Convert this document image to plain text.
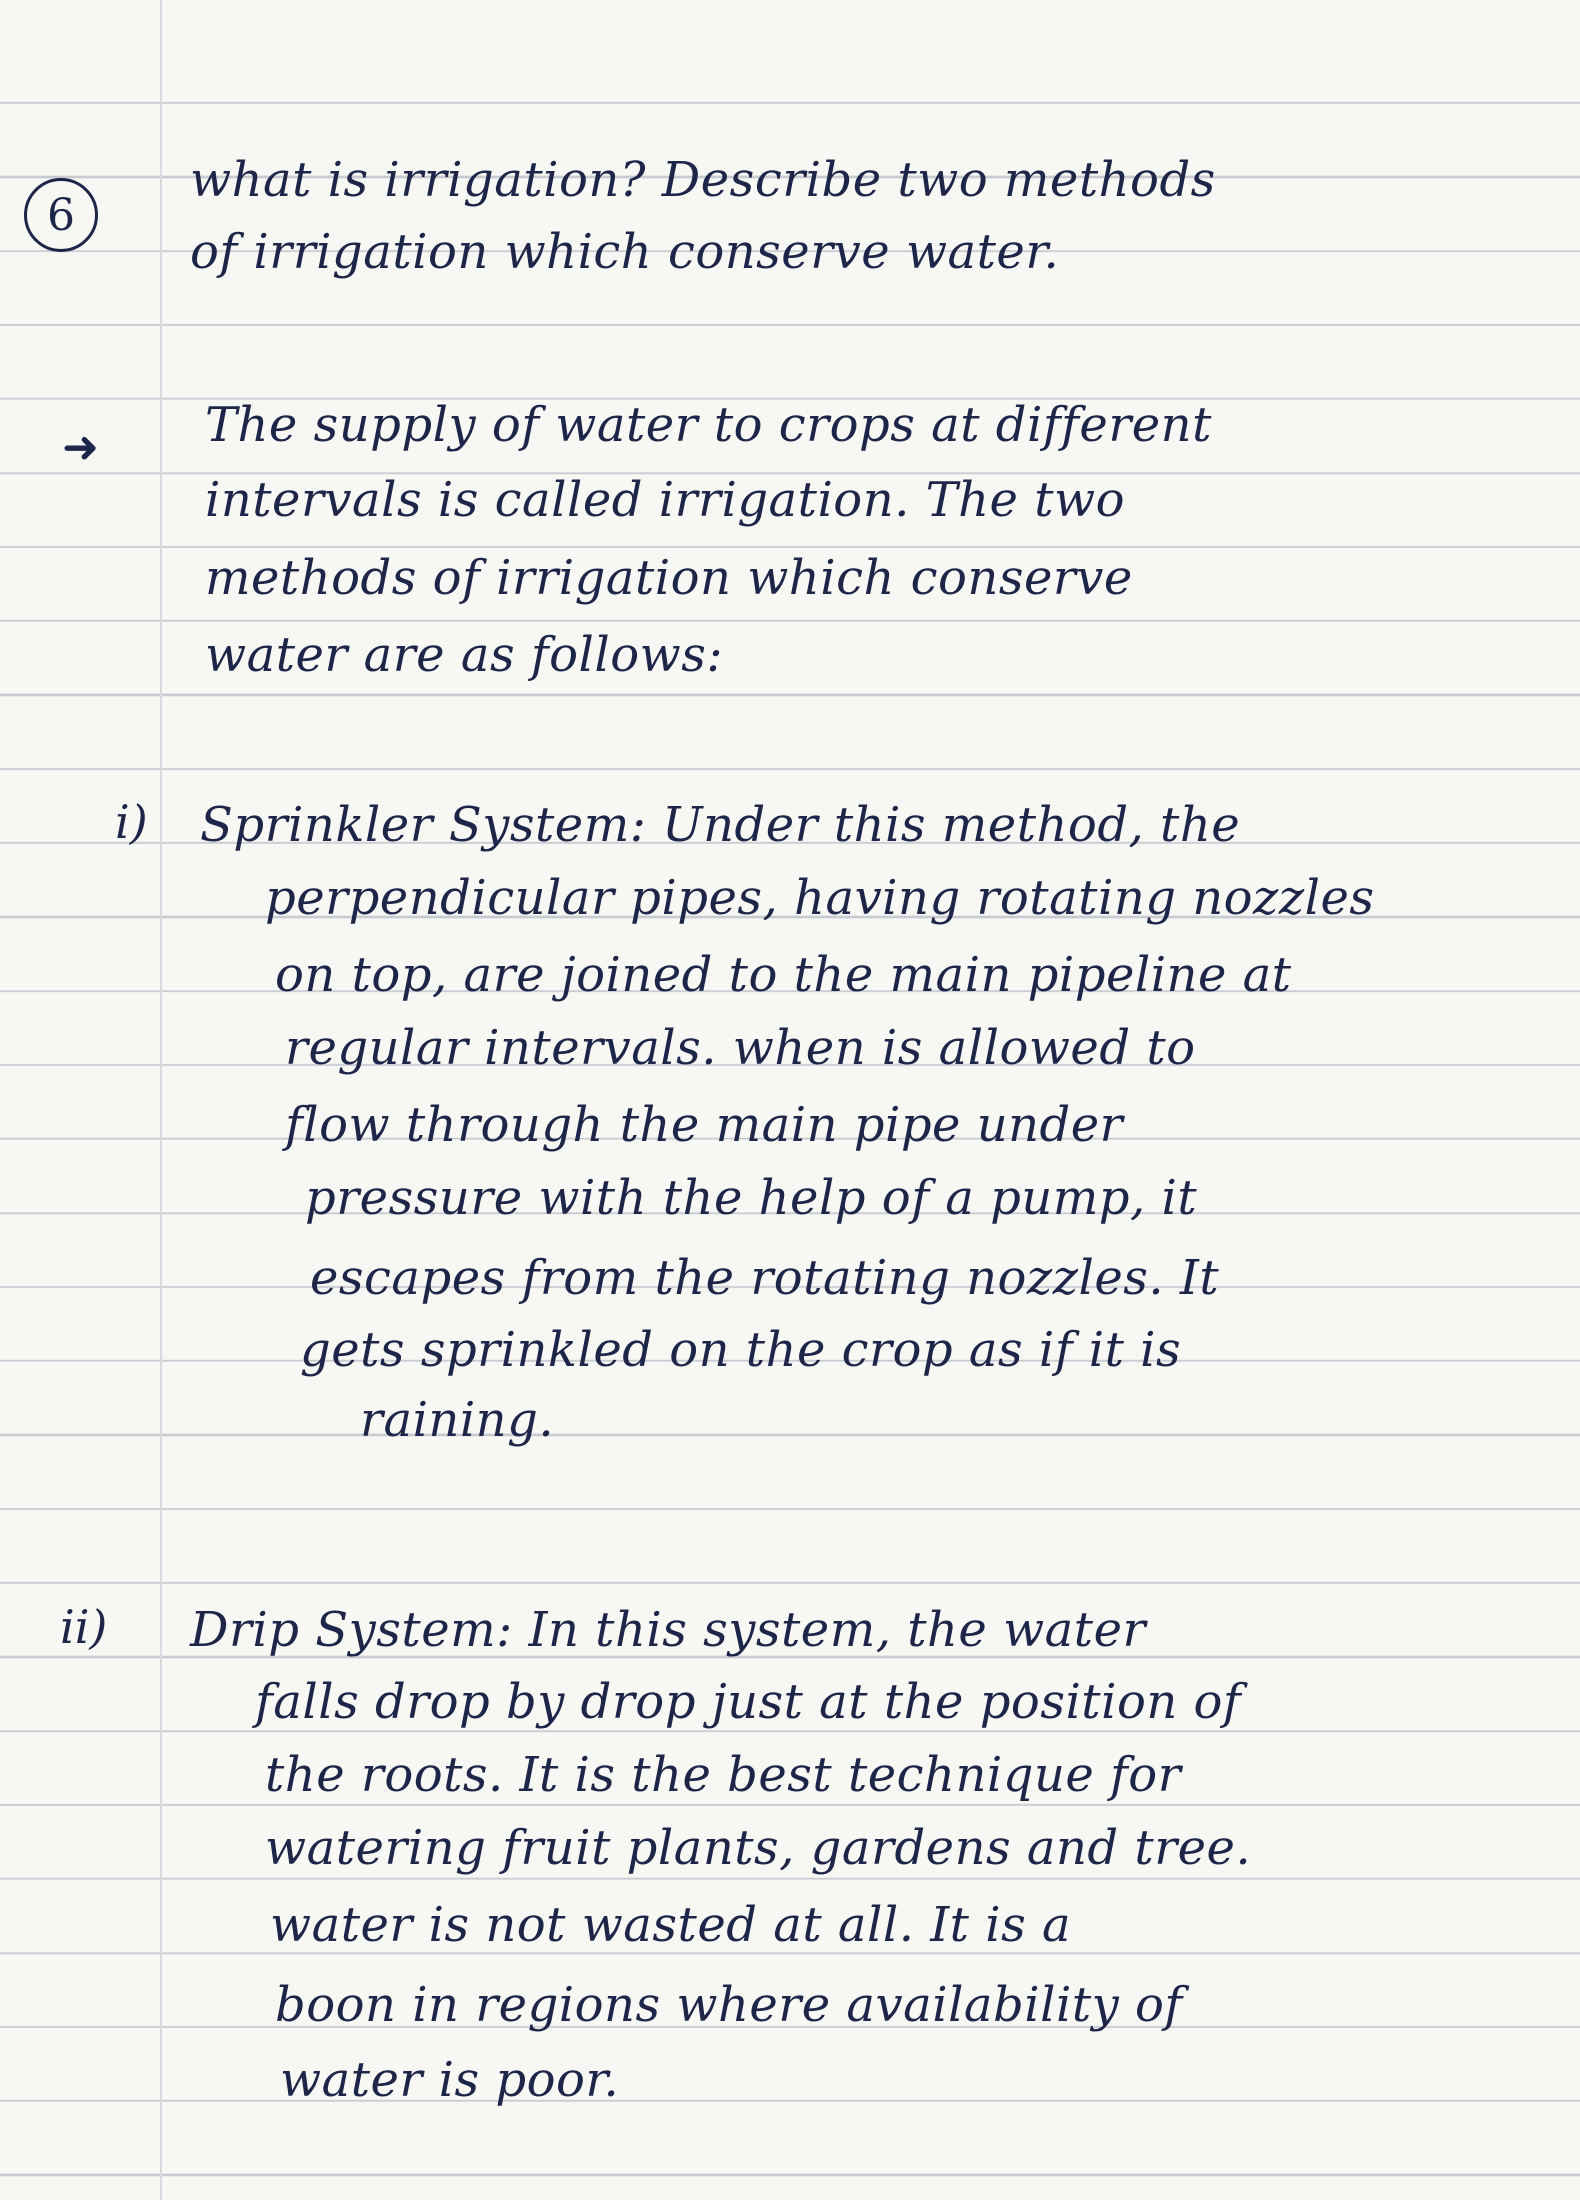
6
what is irrigation? Describe two methods
of irrigation which conserve water.
➜ The supply of water to crops at different
intervals is called irrigation. The two
methods of irrigation which conserve
water are as follows:
i) Sprinkler System: Under this method, the
perpendicular pipes, having rotating nozzles
on top, are joined to the main pipeline at
regular intervals. when is allowed to
flow through the main pipe under
pressure with the help of a pump, it
escapes from the rotating nozzles. It
gets sprinkled on the crop as if it is
raining.
ii) Drip System: In this system, the water
falls drop by drop just at the position of
the roots. It is the best technique for
watering fruit plants, gardens and tree.
water is not wasted at all. It is a
boon in regions where availability of
water is poor.
